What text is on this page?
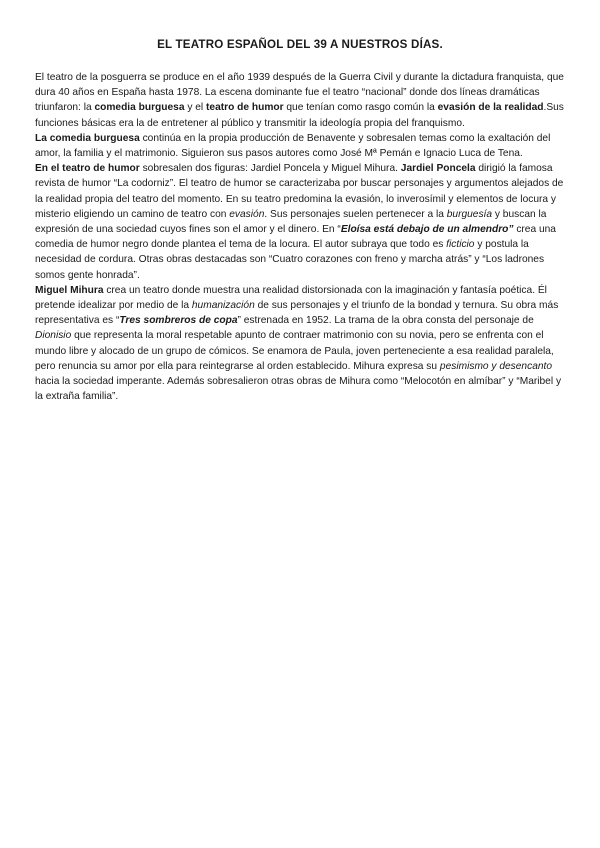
EL TEATRO ESPAÑOL DEL 39 A NUESTROS DÍAS.

El teatro de la posguerra se produce en el año 1939 después de la Guerra Civil y durante la dictadura franquista, que dura 40 años en España hasta 1978. La escena dominante fue el teatro “nacional” donde dos líneas dramáticas triunfaron: la comedia burguesa y el teatro de humor que tenían como rasgo común la evasión de la realidad.Sus funciones básicas era la de entretener al público y transmitir la ideología propia del franquismo.

La comedia burguesa continúa en la propia producción de Benavente y sobresalen temas como la exaltación del amor, la familia y el matrimonio. Siguieron sus pasos autores como José Mª Pemán e Ignacio Luca de Tena.

En el teatro de humor sobresalen dos figuras: Jardiel Poncela y Miguel Mihura. Jardiel Poncela dirigió la famosa revista de humor “La codorniz”. El teatro de humor se caracterizaba por buscar personajes y argumentos alejados de la realidad propia del teatro del momento. En su teatro predomina la evasión, lo inverosímil y elementos de locura y misterio eligiendo un camino de teatro con evasión. Sus personajes suelen pertenecer a la burguesía y buscan la expresión de una sociedad cuyos fines son el amor y el dinero. En “Eloísa está debajo de un almendro” crea una comedia de humor negro donde plantea el tema de la locura. El autor subraya que todo es ficticio y postula la necesidad de cordura. Otras obras destacadas son “Cuatro corazones con freno y marcha atrás” y “Los ladrones somos gente honrada”.

Miguel Mihura crea un teatro donde muestra una realidad distorsionada con la imaginación y fantasía poética. Él pretende idealizar por medio de la humanización de sus personajes y el triunfo de la bondad y ternura. Su obra más representativa es “Tres sombreros de copa” estrenada en 1952. La trama de la obra consta del personaje de Dionisio que representa la moral respetable apunto de contraer matrimonio con su novia, pero se enfrenta con el mundo libre y alocado de un grupo de cómicos. Se enamora de Paula, joven perteneciente a esa realidad paralela, pero renuncia su amor por ella para reintegrarse al orden establecido. Mihura expresa su pesimismo y desencanto hacia la sociedad imperante. Además sobresalieron otras obras de Mihura como “Melocotón en almíbar” y “Maribel y la extraña familia”.
